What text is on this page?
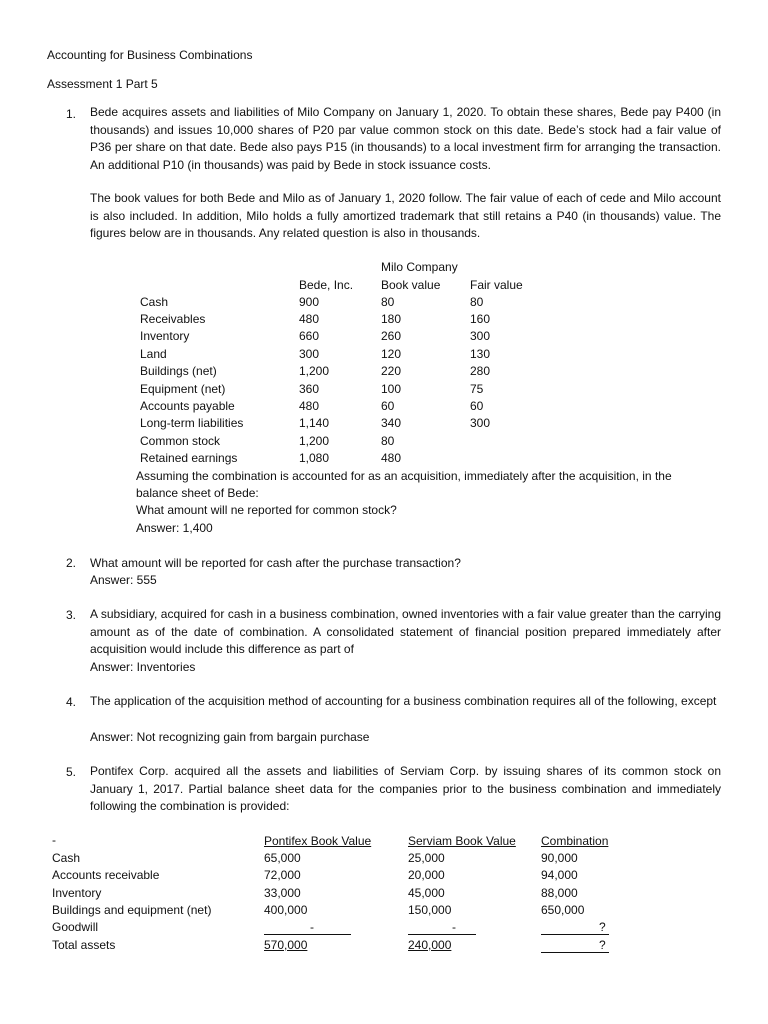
Accounting for Business Combinations
Assessment 1 Part 5
1. Bede acquires assets and liabilities of Milo Company on January 1, 2020. To obtain these shares, Bede pay P400 (in thousands) and issues 10,000 shares of P20 par value common stock on this date. Bede’s stock had a fair value of P36 per share on that date. Bede also pays P15 (in thousands) to a local investment firm for arranging the transaction. An additional P10 (in thousands) was paid by Bede in stock issuance costs.
The book values for both Bede and Milo as of January 1, 2020 follow. The fair value of each of cede and Milo account is also included. In addition, Milo holds a fully amortized trademark that still retains a P40 (in thousands) value. The figures below are in thousands. Any related question is also in thousands.
Milo Company
Bede, Inc. Book value Fair value
Cash	900	80	80
Receivables	480	180	160
Inventory	660	260	300
Land	300	120	130
Buildings (net)	1,200	220	280
Equipment (net)	360	100	75
Accounts payable	480	60	60
Long-term liabilities	1,140	340	300
Common stock	1,200	80
Retained earnings	1,080	480
Assuming the combination is accounted for as an acquisition, immediately after the acquisition, in the
balance sheet of Bede:
What amount will ne reported for common stock?
Answer: 1,400
2. What amount will be reported for cash after the purchase transaction?
Answer: 555
3. A subsidiary, acquired for cash in a business combination, owned inventories with a fair value greater than the carrying amount as of the date of combination. A consolidated statement of financial position prepared immediately after acquisition would include this difference as part of
Answer: Inventories
4. The application of the acquisition method of accounting for a business combination requires all of the following, except
Answer: Not recognizing gain from bargain purchase
5. Pontifex Corp. acquired all the assets and liabilities of Serviam Corp. by issuing shares of its common stock on January 1, 2017. Partial balance sheet data for the companies prior to the business combination and immediately following the combination is provided:
-	Pontifex Book Value	Serviam Book Value Combination
Cash	65,000	25,000	90,000
Accounts receivable	72,000	20,000	94,000
Inventory	33,000	45,000	88,000
Buildings and equipment (net)	400,000	150,000	650,000
Goodwill	-	-	?
Total assets	570,000	240,000	?
